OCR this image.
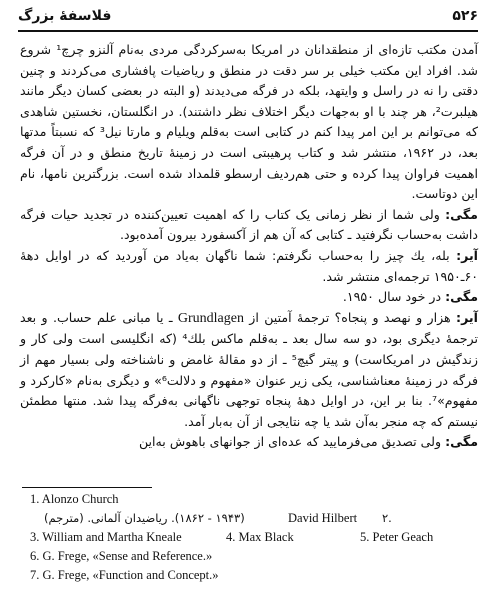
فلاسفهٔ بزرگ	۵۲۶

آمدن مکتب تازه‌ای از منطقدانان در امریکا به‌سرکردگی مردی به‌نام آلنزو چرچ¹ شروع شد. افراد این مکتب خیلی بر سر دقت در منطق و ریاضیات پافشاری می‌کردند و چنین دقتی را نه در راسل و وایتهد، بلکه در فرگه می‌دیدند (و البته در بعضی کسان دیگر مانند هیلبرت²، هر چند با او به‌جهات دیگر اختلاف نظر داشتند). در انگلستان، نخستین شاهدی که می‌توانم بر این امر پیدا کنم در کتابی است به‌قلم ویلیام و مارتا نیل³ که نسبتاً مدتها بعد، در ۱۹۶۲، منتشر شد و کتاب پرهیبتی است در زمینهٔ تاریخ منطق و در آن فرگه اهمیت فراوان پیدا کرده و حتی هم‌ردیف ارسطو قلمداد شده است. بزرگترین نامها، نام این دوتاست.

مگی: ولی شما از نظر زمانی یک کتاب را که اهمیت تعیین‌کننده در تجدید حیات فرگه داشت به‌حساب نگرفتید ـ کتابی که آن هم از آکسفورد بیرون آمده‌بود.

آیر: بله، یك چیز را به‌حساب نگرفتم: شما ناگهان به‌یاد من آوردید که در اوایل دههٔ ۶۰ـ۱۹۵۰ ترجمه‌ای منتشر شد.

مگی: در خود سال ۱۹۵۰.

آیر: هزار و نهصد و پنجاه؟ ترجمهٔ آمتین از Grundlagen ـ یا مبانی علم حساب. و بعد ترجمهٔ دیگری بود، دو سه سال بعد ـ به‌قلم ماکس بلك⁴ (که انگلیسی است ولی کار و زندگیش در امریکاست) و پیتر گیچ⁵ ـ از دو مقالهٔ غامض و ناشناخته ولی بسیار مهم از فرگه در زمینهٔ معناشناسی، یکی زیر عنوان «مفهوم و دلالت⁶» و دیگری به‌نام «کارکرد و مفهوم»⁷. بنا بر این، در اوایل دههٔ پنجاه توجهی ناگهانی به‌فرگه پیدا شد. منتها مطمئن نیستم که چه منجر به‌آن شد یا چه نتایجی از آن به‌بار آمد.

مگی: ولی تصدیق می‌فرمایید که عده‌ای از جوانهای باهوش به‌این

1. Alonzo Church
(۱۹۴۳ - ۱۸۶۲). ریاضیدان آلمانی. (مترجم)	David Hilbert ۲.
3. William and Martha Kneale	4. Max Black	5. Peter Geach
6. G. Frege, «Sense and Reference.»
7. G. Frege, «Function and Concept.»
